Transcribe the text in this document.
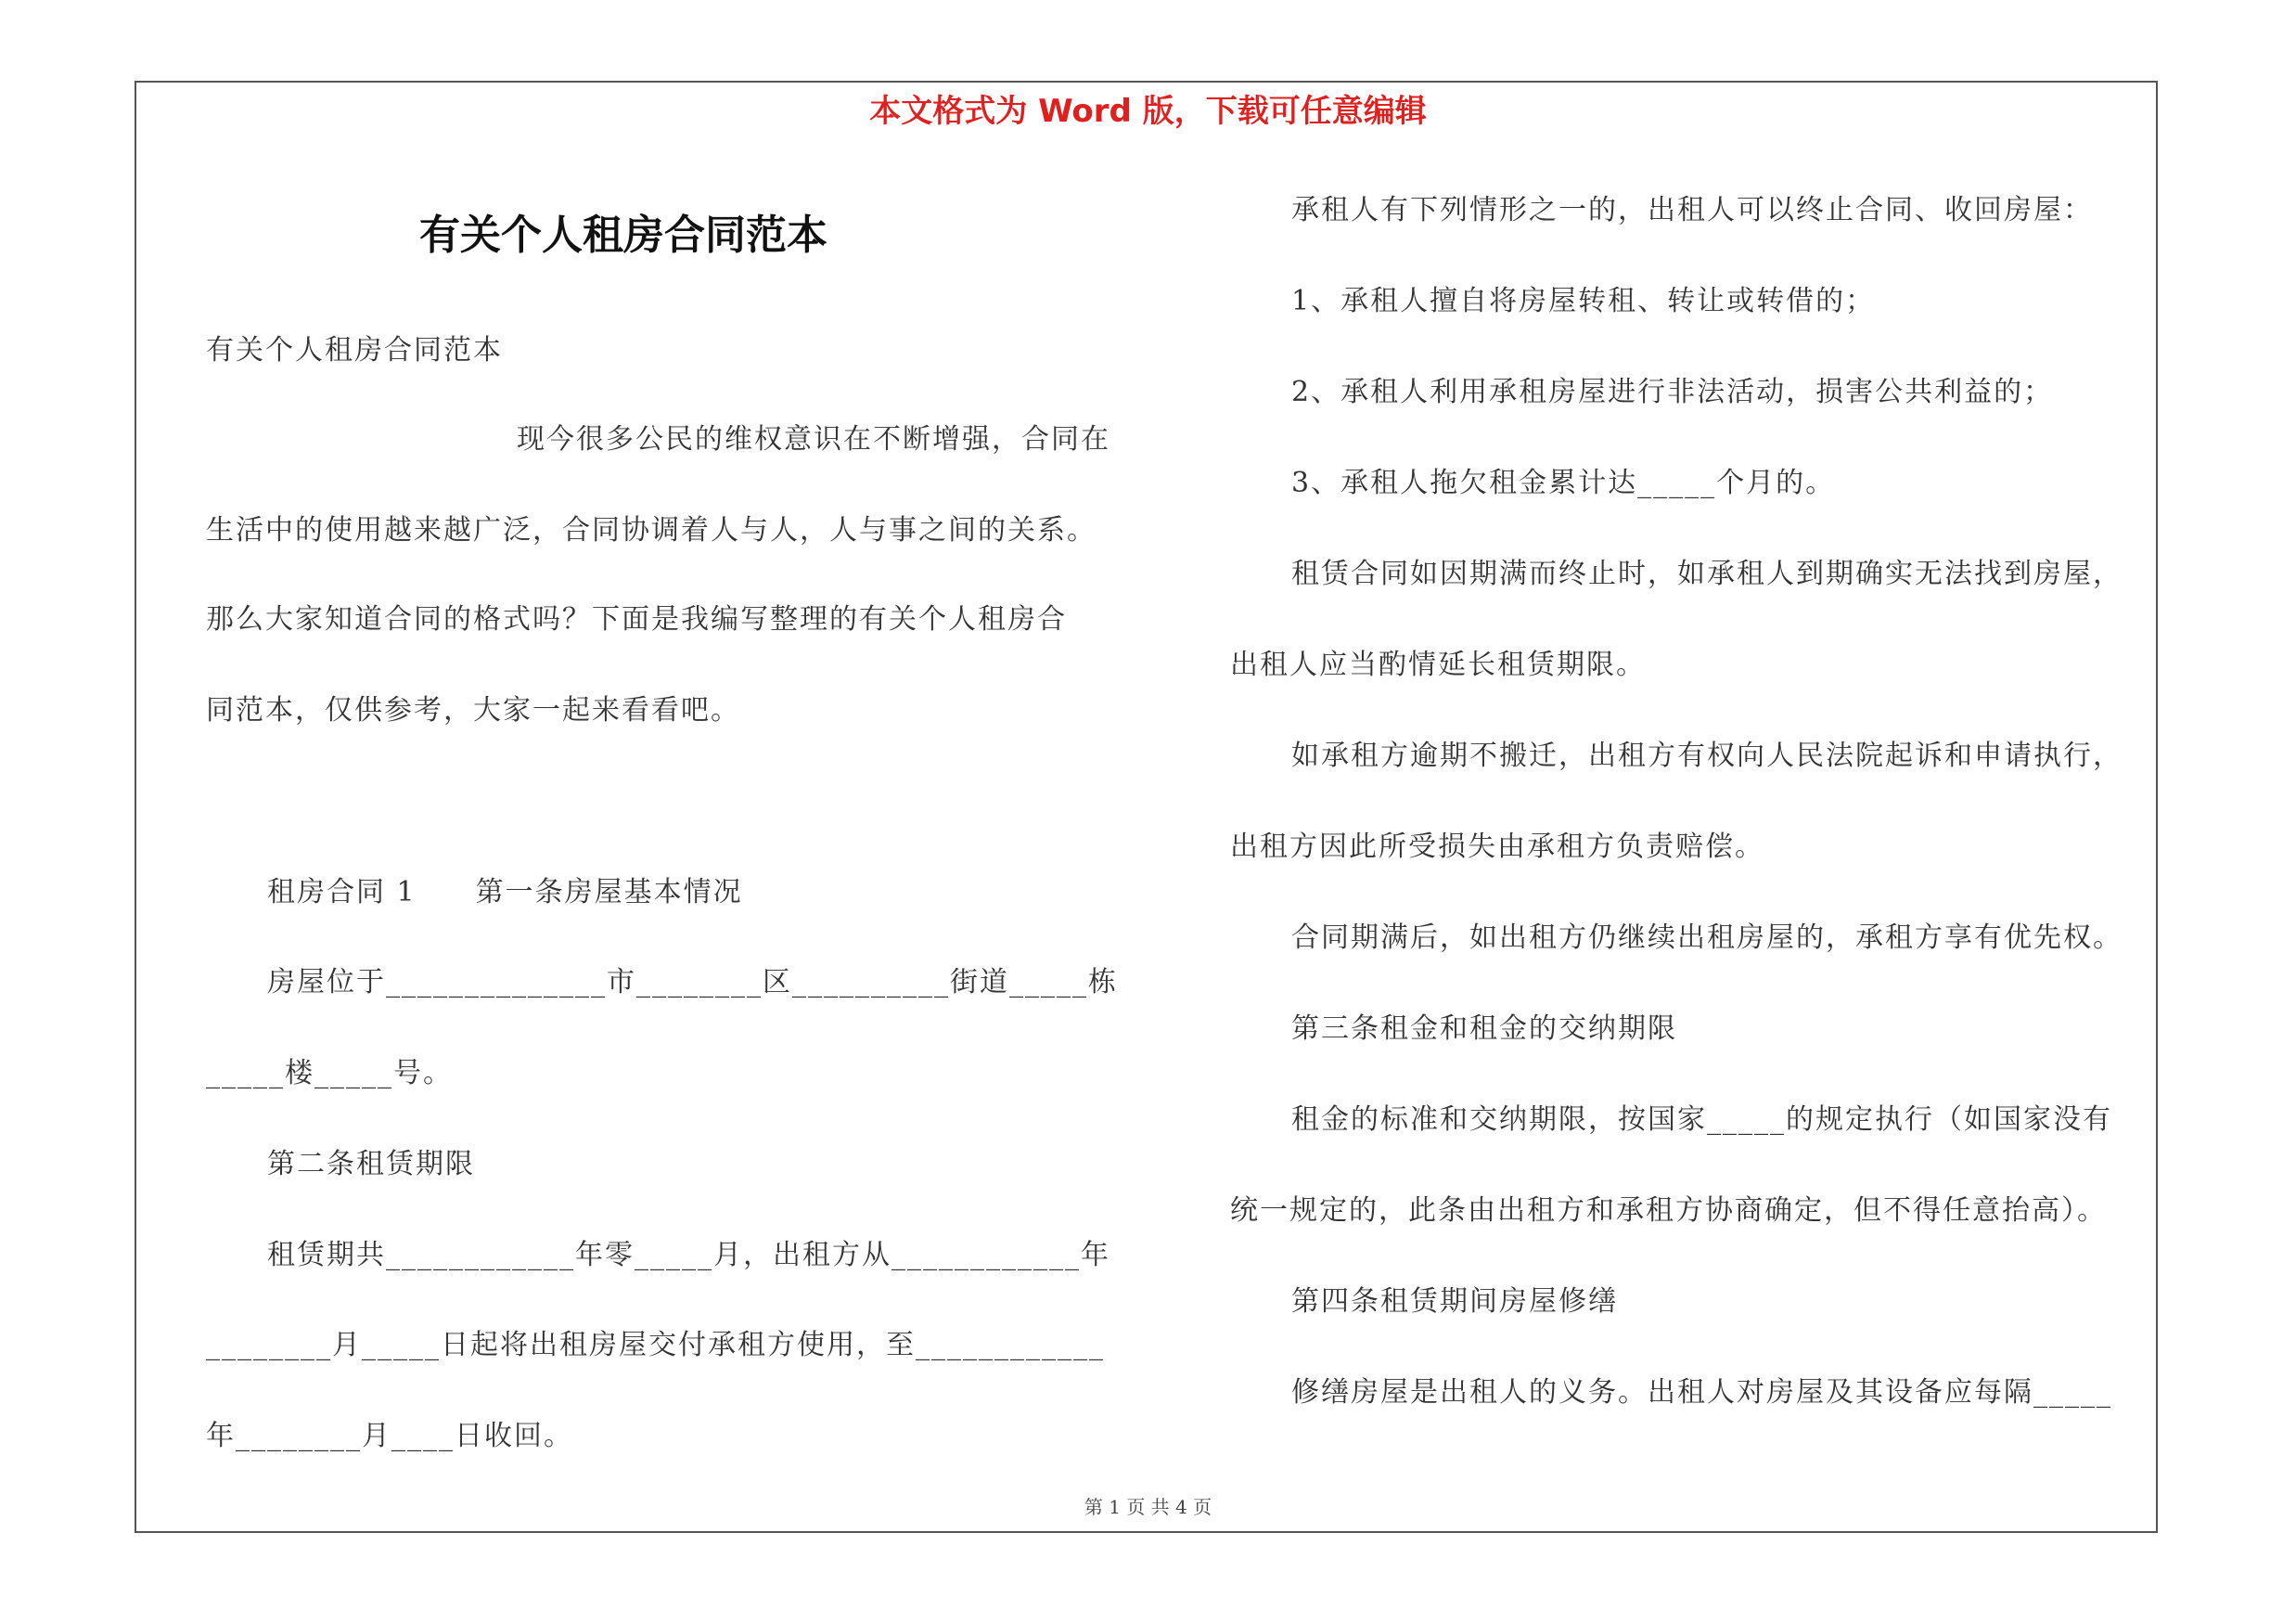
本文格式为 Word 版，下载可任意编辑
有关个人租房合同范本
有关个人租房合同范本
现今很多公民的维权意识在不断增强，合同在
生活中的使用越来越广泛，合同协调着人与人，人与事之间的关系。
那么大家知道合同的格式吗？下面是我编写整理的有关个人租房合
同范本，仅供参考，大家一起来看看吧。
租房合同 1　　第一条房屋基本情况
房屋位于______________市________区__________街道_____栋
_____楼_____号。
第二条租赁期限
租赁期共____________年零_____月，出租方从____________年
________月_____日起将出租房屋交付承租方使用，至____________
年________月____日收回。
承租人有下列情形之一的，出租人可以终止合同、收回房屋：
1、承租人擅自将房屋转租、转让或转借的；
2、承租人利用承租房屋进行非法活动，损害公共利益的；
3、承租人拖欠租金累计达_____个月的。
租赁合同如因期满而终止时，如承租人到期确实无法找到房屋，
出租人应当酌情延长租赁期限。
如承租方逾期不搬迁，出租方有权向人民法院起诉和申请执行，
出租方因此所受损失由承租方负责赔偿。
合同期满后，如出租方仍继续出租房屋的，承租方享有优先权。
第三条租金和租金的交纳期限
租金的标准和交纳期限，按国家_____的规定执行（如国家没有
统一规定的，此条由出租方和承租方协商确定，但不得任意抬高）。
第四条租赁期间房屋修缮
修缮房屋是出租人的义务。出租人对房屋及其设备应每隔_____
第 1 页 共 4 页
